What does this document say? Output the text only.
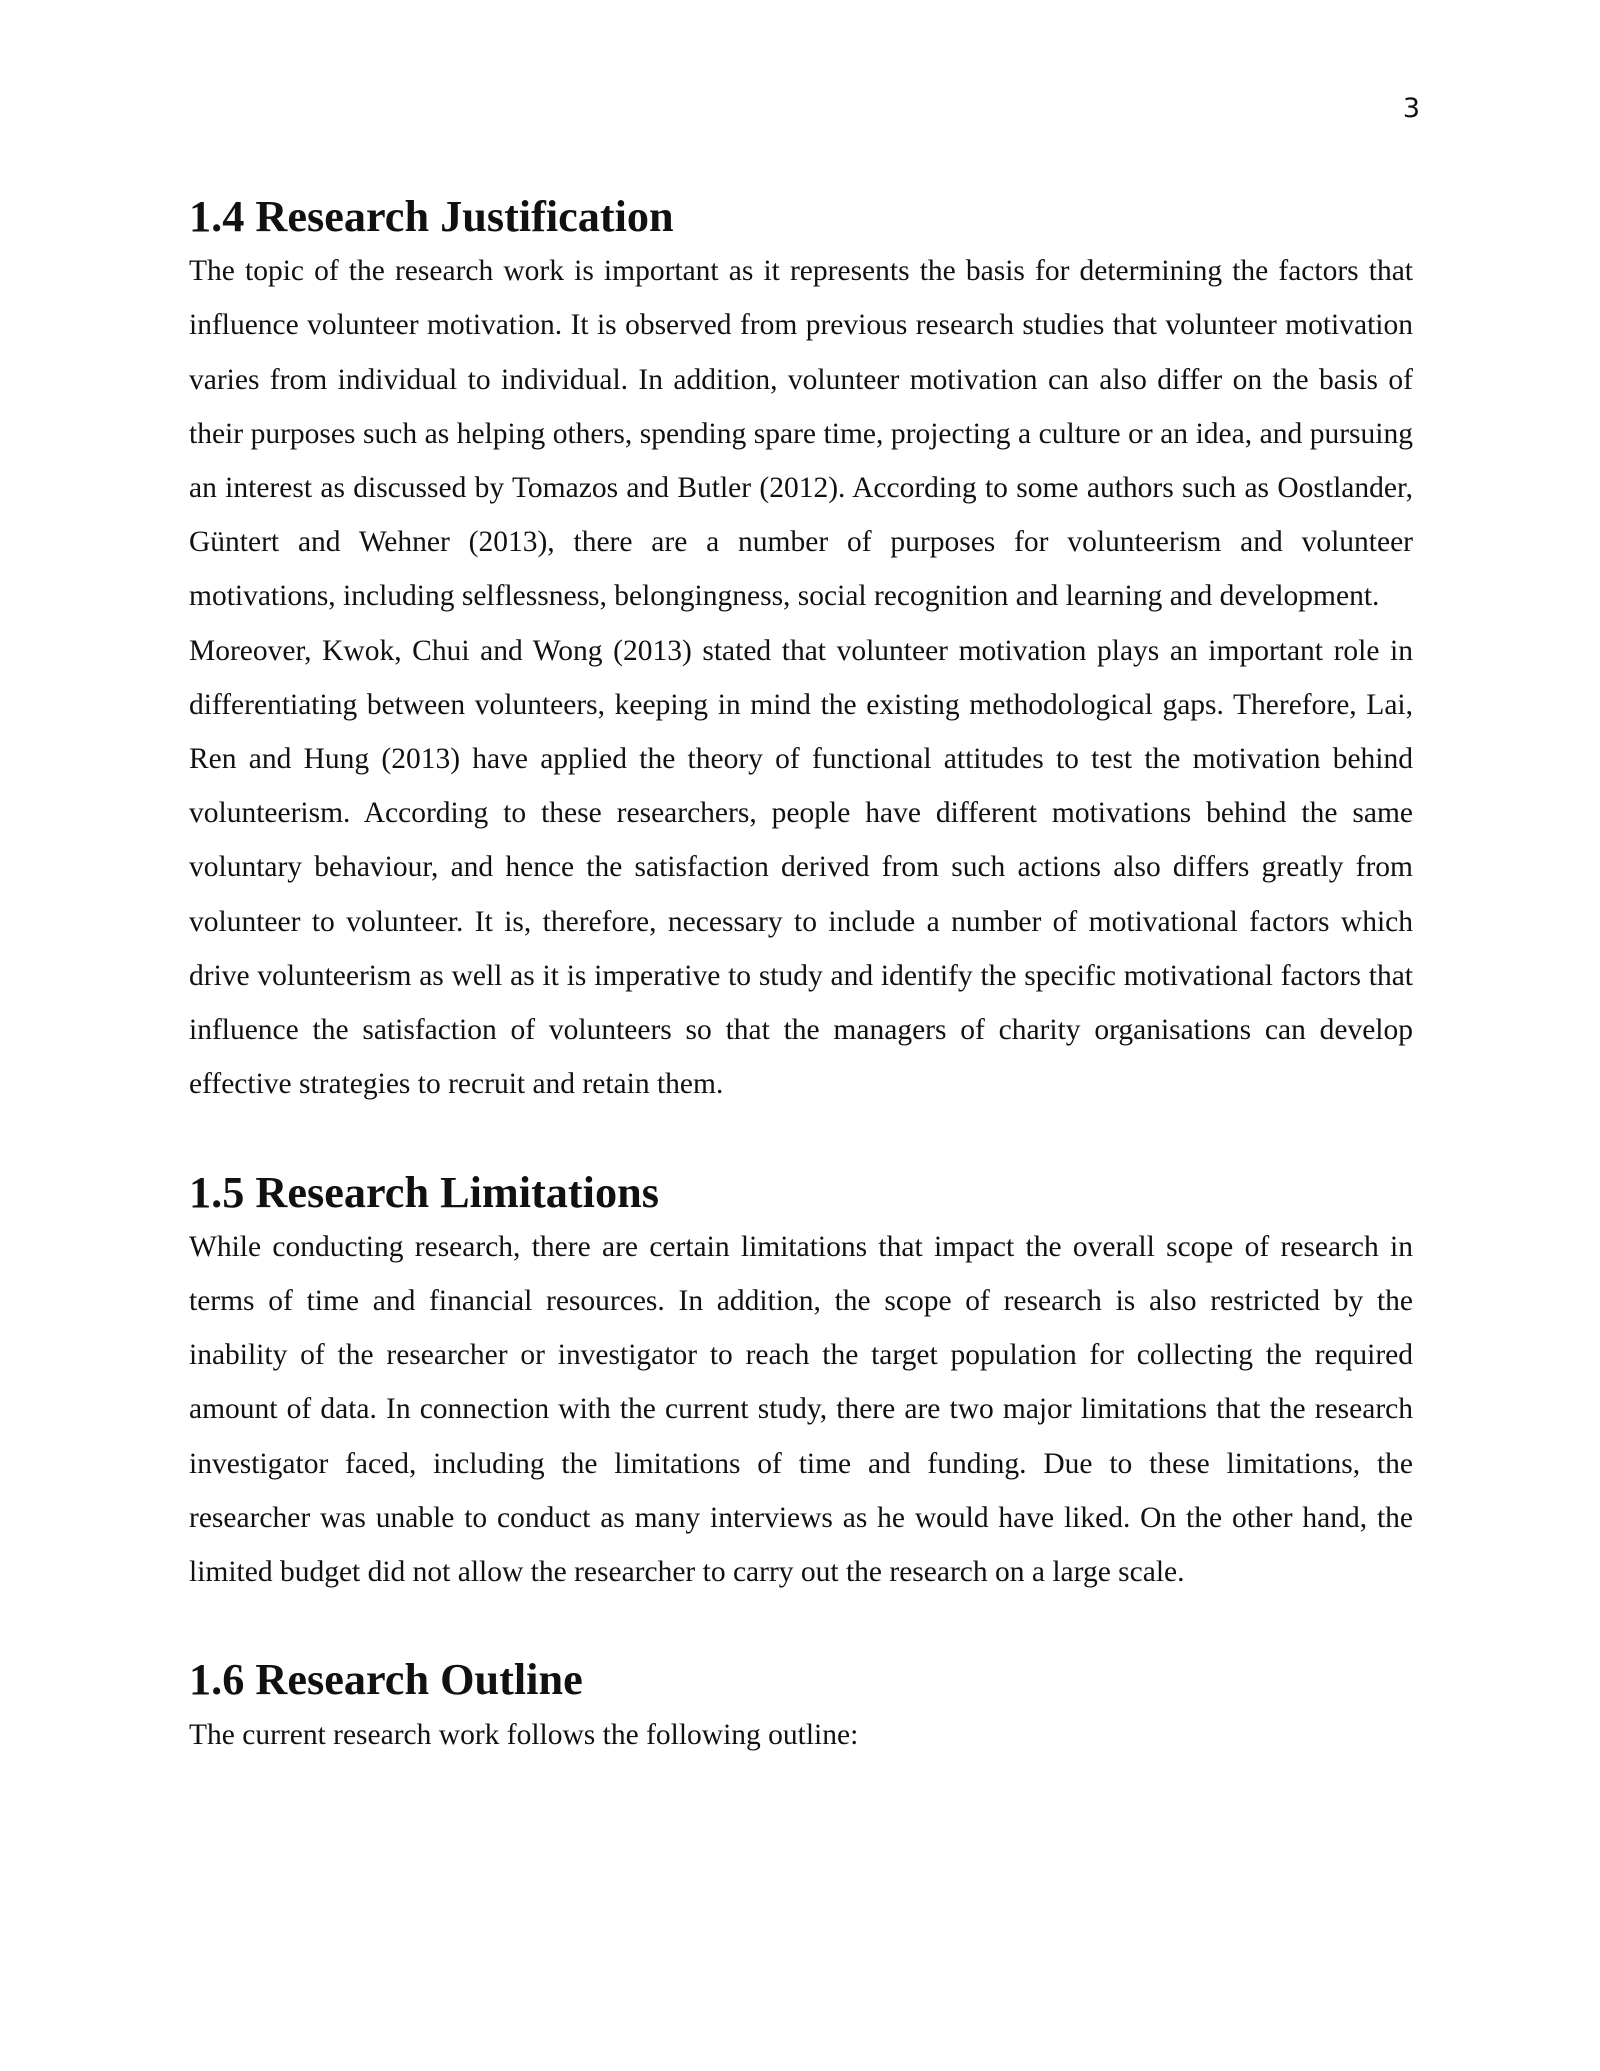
3
1.4 Research Justification

The topic of the research work is important as it represents the basis for determining the factors that influence volunteer motivation. It is observed from previous research studies that volunteer motivation varies from individual to individual. In addition, volunteer motivation can also differ on the basis of their purposes such as helping others, spending spare time, projecting a culture or an idea, and pursuing an interest as discussed by Tomazos and Butler (2012). According to some authors such as Oostlander, Güntert and Wehner (2013), there are a number of purposes for volunteerism and volunteer motivations, including selflessness, belongingness, social recognition and learning and development.

Moreover, Kwok, Chui and Wong (2013) stated that volunteer motivation plays an important role in differentiating between volunteers, keeping in mind the existing methodological gaps. Therefore, Lai, Ren and Hung (2013) have applied the theory of functional attitudes to test the motivation behind volunteerism. According to these researchers, people have different motivations behind the same voluntary behaviour, and hence the satisfaction derived from such actions also differs greatly from volunteer to volunteer. It is, therefore, necessary to include a number of motivational factors which drive volunteerism as well as it is imperative to study and identify the specific motivational factors that influence the satisfaction of volunteers so that the managers of charity organisations can develop effective strategies to recruit and retain them.

1.5 Research Limitations

While conducting research, there are certain limitations that impact the overall scope of research in terms of time and financial resources. In addition, the scope of research is also restricted by the inability of the researcher or investigator to reach the target population for collecting the required amount of data. In connection with the current study, there are two major limitations that the research investigator faced, including the limitations of time and funding. Due to these limitations, the researcher was unable to conduct as many interviews as he would have liked. On the other hand, the limited budget did not allow the researcher to carry out the research on a large scale.

1.6 Research Outline

The current research work follows the following outline:
